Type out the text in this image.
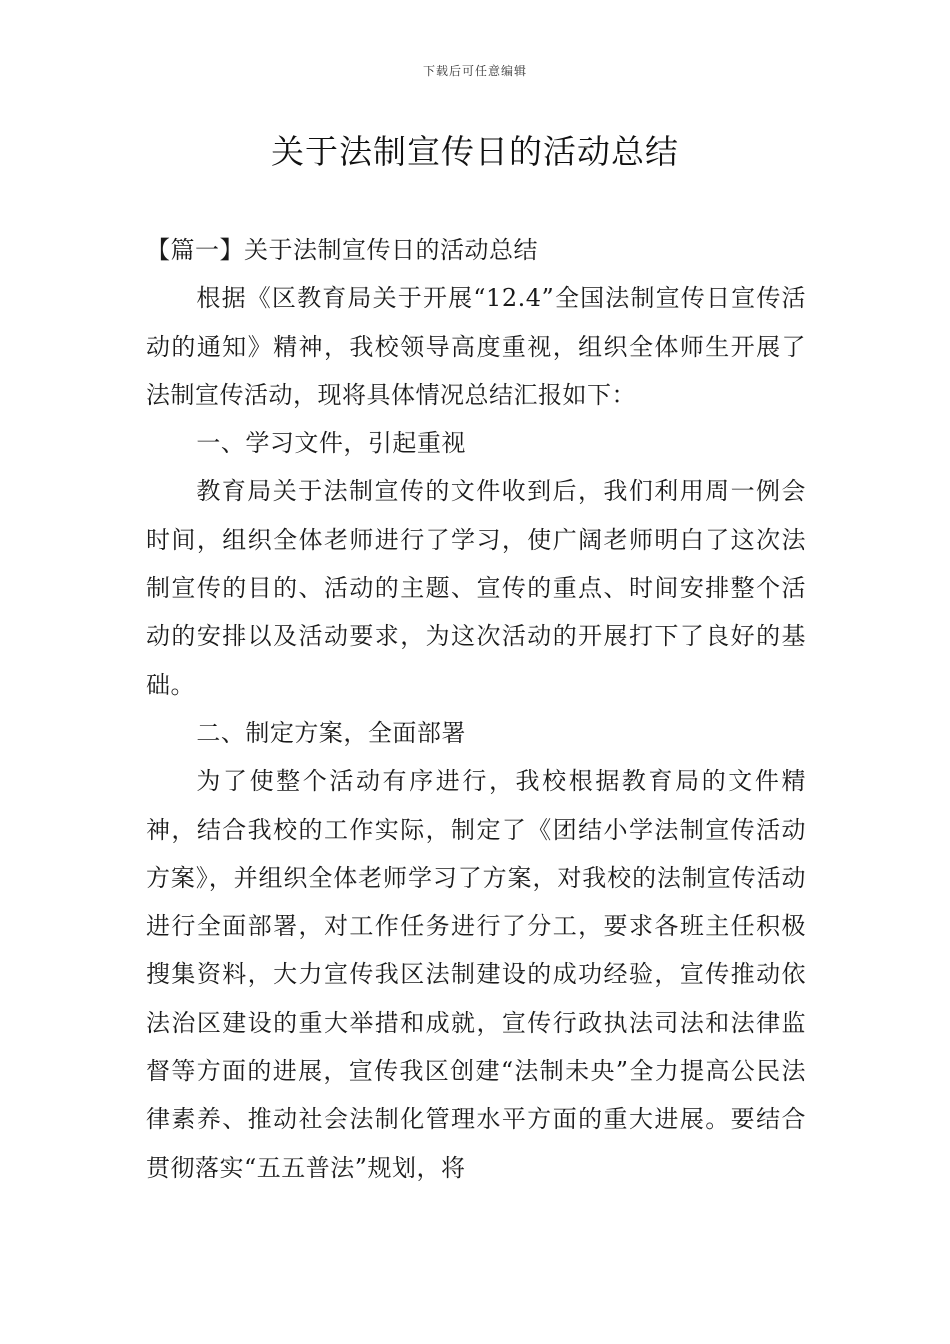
下载后可任意编辑
关于法制宣传日的活动总结

【篇一】关于法制宣传日的活动总结

根据《区教育局关于开展“12.4”全国法制宣传日宣传活动的通知》精神，我校领导高度重视，组织全体师生开展了法制宣传活动，现将具体情况总结汇报如下：

一、学习文件，引起重视

教育局关于法制宣传的文件收到后，我们利用周一例会时间，组织全体老师进行了学习，使广阔老师明白了这次法制宣传的目的、活动的主题、宣传的重点、时间安排整个活动的安排以及活动要求，为这次活动的开展打下了良好的基础。

二、制定方案，全面部署

为了使整个活动有序进行，我校根据教育局的文件精神，结合我校的工作实际，制定了《团结小学法制宣传活动方案》，并组织全体老师学习了方案，对我校的法制宣传活动进行全面部署，对工作任务进行了分工，要求各班主任积极搜集资料，大力宣传我区法制建设的成功经验，宣传推动依法治区建设的重大举措和成就，宣传行政执法司法和法律监督等方面的进展，宣传我区创建“法制未央”全力提高公民法律素养、推动社会法制化管理水平方面的重大进展。要结合贯彻落实“五五普法”规划，将
